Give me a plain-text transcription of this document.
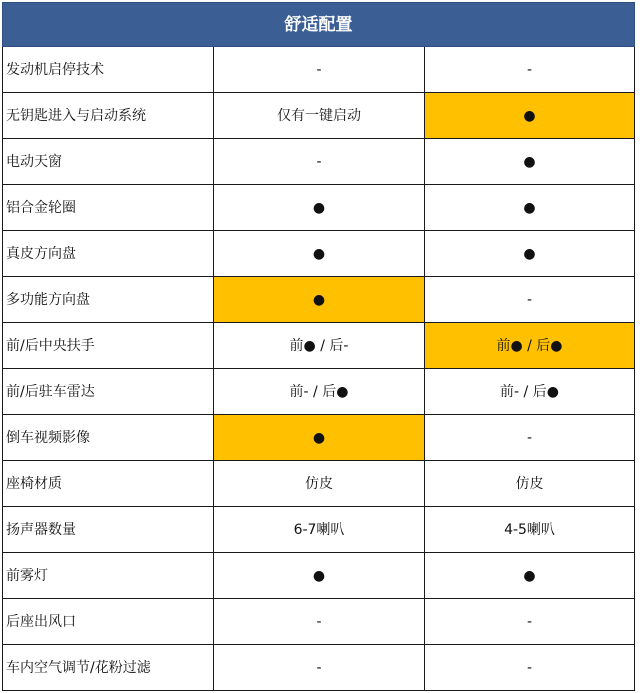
舒适配置		
发动机启停技术	-	-
无钥匙进入与启动系统	仅有一键启动	●
电动天窗	-	●
铝合金轮圈	●	●
真皮方向盘	●	●
多功能方向盘	●	-
前/后中央扶手	前● / 后-	前● / 后●
前/后驻车雷达	前- / 后●	前- / 后●
倒车视频影像	●	-
座椅材质	仿皮	仿皮
扬声器数量	6-7喇叭	4-5喇叭
前雾灯	●	●
后座出风口	-	-
车内空气调节/花粉过滤	-	-
